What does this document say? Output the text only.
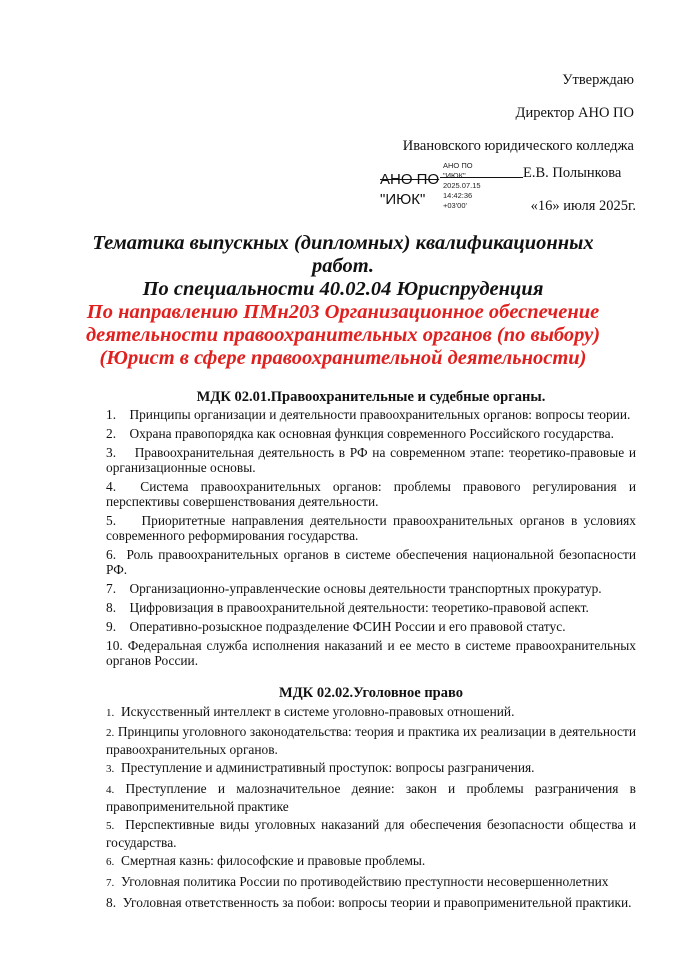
Утверждаю
Директор АНО ПО
Ивановского юридического колледжа
АНО ПО
"ИЮК"
АНО ПО
"ИЮК"
2025.07.15
14:42:36
+03'00'
Е.В. Полынкова
«16» июля 2025г.
Тематика выпускных (дипломных) квалификационных
работ.
По специальности 40.02.04 Юриспруденция
По направлению ПМн203 Организационное обеспечение
деятельности правоохранительных органов (по выбору)
(Юрист в сфере правоохранительной деятельности)
МДК 02.01.Правоохранительные и судебные органы.
1. Принципы организации и деятельности правоохранительных органов: вопросы теории.
2. Охрана правопорядка как основная функция современного Российского государства.
3. Правоохранительная деятельность в РФ на современном этапе: теоретико-правовые и организационные основы.
4. Система правоохранительных органов: проблемы правового регулирования и перспективы совершенствования деятельности.
5. Приоритетные направления деятельности правоохранительных органов в условиях современного реформирования государства.
6. Роль правоохранительных органов в системе обеспечения национальной безопасности РФ.
7. Организационно-управленческие основы деятельности транспортных прокуратур.
8. Цифровизация в правоохранительной деятельности: теоретико-правовой аспект.
9. Оперативно-розыскное подразделение ФСИН России и его правовой статус.
10. Федеральная служба исполнения наказаний и ее место в системе правоохранительных органов России.
МДК 02.02.Уголовное право
1. Искусственный интеллект в системе уголовно-правовых отношений.
2. Принципы уголовного законодательства: теория и практика их реализации в деятельности правоохранительных органов.
3. Преступление и административный проступок: вопросы разграничения.
4. Преступление и малозначительное деяние: закон и проблемы разграничения в правоприменительной практике
5. Перспективные виды уголовных наказаний для обеспечения безопасности общества и государства.
6. Смертная казнь: философские и правовые проблемы.
7. Уголовная политика России по противодействию преступности несовершеннолетних
8. Уголовная ответственность за побои: вопросы теории и правоприменительной практики.
